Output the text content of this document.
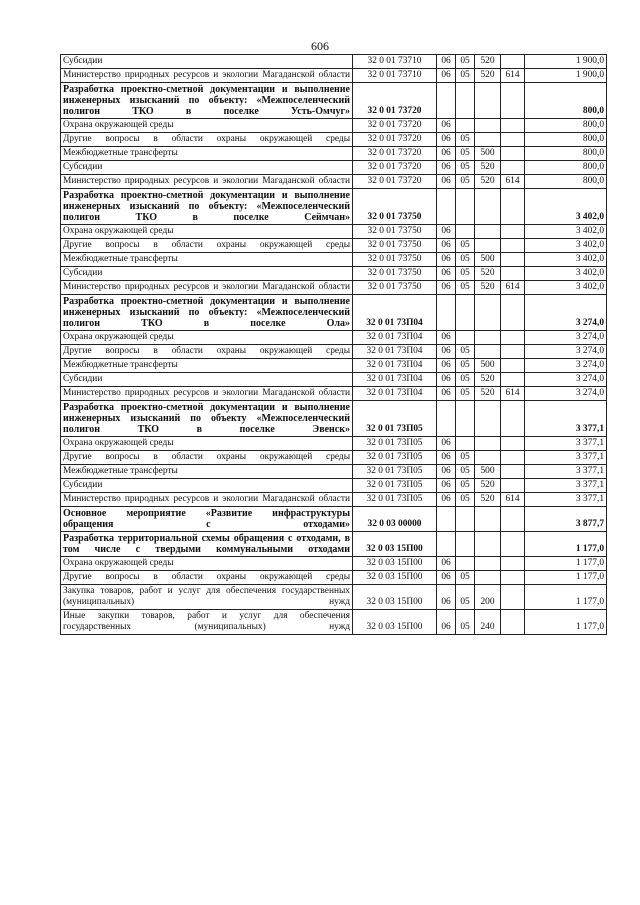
606
Субсидии	32 0 01 73710	06	05	520		1 900,0
Министерство природных ресурсов и экологии Магаданской области	32 0 01 73710	06	05	520	614	1 900,0
Разработка проектно-сметной документации и выполнение инженерных изысканий по объекту: «Межпоселенческий полигон ТКО в поселке Усть-Омчуг»	32 0 01 73720					800,0
Охрана окружающей среды	32 0 01 73720	06				800,0
Другие вопросы в области охраны окружающей среды	32 0 01 73720	06	05			800,0
Межбюджетные трансферты	32 0 01 73720	06	05	500		800,0
Субсидии	32 0 01 73720	06	05	520		800,0
Министерство природных ресурсов и экологии Магаданской области	32 0 01 73720	06	05	520	614	800,0
Разработка проектно-сметной документации и выполнение инженерных изысканий по объекту: «Межпоселенческий полигон ТКО в поселке Сеймчан»	32 0 01 73750					3 402,0
Охрана окружающей среды	32 0 01 73750	06				3 402,0
Другие вопросы в области охраны окружающей среды	32 0 01 73750	06	05			3 402,0
Межбюджетные трансферты	32 0 01 73750	06	05	500		3 402,0
Субсидии	32 0 01 73750	06	05	520		3 402,0
Министерство природных ресурсов и экологии Магаданской области	32 0 01 73750	06	05	520	614	3 402,0
Разработка проектно-сметной документации и выполнение инженерных изысканий по объекту: «Межпоселенческий полигон ТКО в поселке Ола»	32 0 01 73П04					3 274,0
Охрана окружающей среды	32 0 01 73П04	06				3 274,0
Другие вопросы в области охраны окружающей среды	32 0 01 73П04	06	05			3 274,0
Межбюджетные трансферты	32 0 01 73П04	06	05	500		3 274,0
Субсидии	32 0 01 73П04	06	05	520		3 274,0
Министерство природных ресурсов и экологии Магаданской области	32 0 01 73П04	06	05	520	614	3 274,0
Разработка проектно-сметной документации и выполнение инженерных изысканий по объекту «Межпоселенческий полигон ТКО в поселке Эвенск»	32 0 01 73П05					3 377,1
Охрана окружающей среды	32 0 01 73П05	06				3 377,1
Другие вопросы в области охраны окружающей среды	32 0 01 73П05	06	05			3 377,1
Межбюджетные трансферты	32 0 01 73П05	06	05	500		3 377,1
Субсидии	32 0 01 73П05	06	05	520		3 377,1
Министерство природных ресурсов и экологии Магаданской области	32 0 01 73П05	06	05	520	614	3 377,1
Основное мероприятие «Развитие инфраструктуры обращения с отходами»	32 0 03 00000					3 877,7
Разработка территориальной схемы обращения с отходами, в том числе с твердыми коммунальными отходами	32 0 03 15П00					1 177,0
Охрана окружающей среды	32 0 03 15П00	06				1 177,0
Другие вопросы в области охраны окружающей среды	32 0 03 15П00	06	05			1 177,0
Закупка товаров, работ и услуг для обеспечения государственных (муниципальных) нужд	32 0 03 15П00	06	05	200		1 177,0
Иные закупки товаров, работ и услуг для обеспечения государственных (муниципальных) нужд	32 0 03 15П00	06	05	240		1 177,0
